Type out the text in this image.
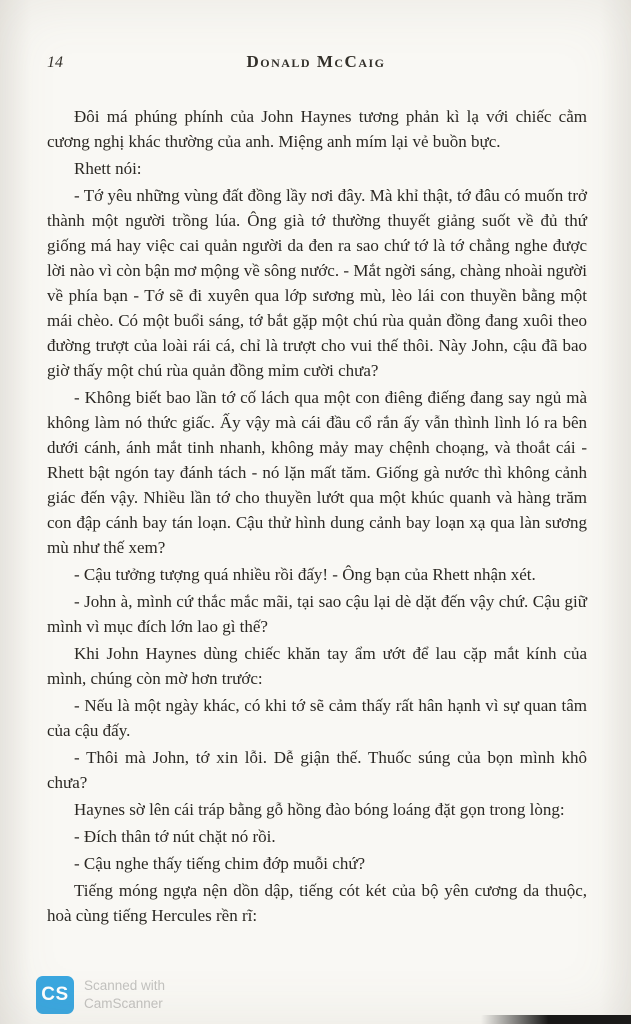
14	Donald McCaig

Đôi má phúng phính của John Haynes tương phản kì lạ với chiếc cằm cương nghị khác thường của anh. Miệng anh mím lại vẻ buồn bực.

Rhett nói:

- Tớ yêu những vùng đất đồng lầy nơi đây. Mà khỉ thật, tớ đâu có muốn trở thành một người trồng lúa. Ông già tớ thường thuyết giảng suốt về đủ thứ giống má hay việc cai quản người da đen ra sao chứ tớ là tớ chẳng nghe được lời nào vì còn bận mơ mộng về sông nước. - Mắt ngời sáng, chàng nhoài người về phía bạn - Tớ sẽ đi xuyên qua lớp sương mù, lèo lái con thuyền bằng một mái chèo. Có một buổi sáng, tớ bắt gặp một chú rùa quản đồng đang xuôi theo đường trượt của loài rái cá, chỉ là trượt cho vui thế thôi. Này John, cậu đã bao giờ thấy một chú rùa quản đồng mỉm cười chưa?

- Không biết bao lần tớ cố lách qua một con điêng điếng đang say ngủ mà không làm nó thức giấc. Ấy vậy mà cái đầu cổ rắn ấy vẫn thình lình ló ra bên dưới cánh, ánh mắt tinh nhanh, không mảy may chệnh choạng, và thoắt cái - Rhett bật ngón tay đánh tách - nó lặn mất tăm. Giống gà nước thì không cảnh giác đến vậy. Nhiều lần tớ cho thuyền lướt qua một khúc quanh và hàng trăm con đập cánh bay tán loạn. Cậu thử hình dung cảnh bay loạn xạ qua làn sương mù như thế xem?

- Cậu tưởng tượng quá nhiều rồi đấy! - Ông bạn của Rhett nhận xét.

- John à, mình cứ thắc mắc mãi, tại sao cậu lại dè dặt đến vậy chứ. Cậu giữ mình vì mục đích lớn lao gì thế?

Khi John Haynes dùng chiếc khăn tay ẩm ướt để lau cặp mắt kính của mình, chúng còn mờ hơn trước:

- Nếu là một ngày khác, có khi tớ sẽ cảm thấy rất hân hạnh vì sự quan tâm của cậu đấy.

- Thôi mà John, tớ xin lỗi. Dễ giận thế. Thuốc súng của bọn mình khô chưa?

Haynes sờ lên cái tráp bằng gỗ hồng đào bóng loáng đặt gọn trong lòng:

- Đích thân tớ nút chặt nó rồi.

- Cậu nghe thấy tiếng chim đớp muỗi chứ?

Tiếng móng ngựa nện dồn dập, tiếng cót két của bộ yên cương da thuộc, hoà cùng tiếng Hercules rền rĩ:

CS	Scanned with
CamScanner
